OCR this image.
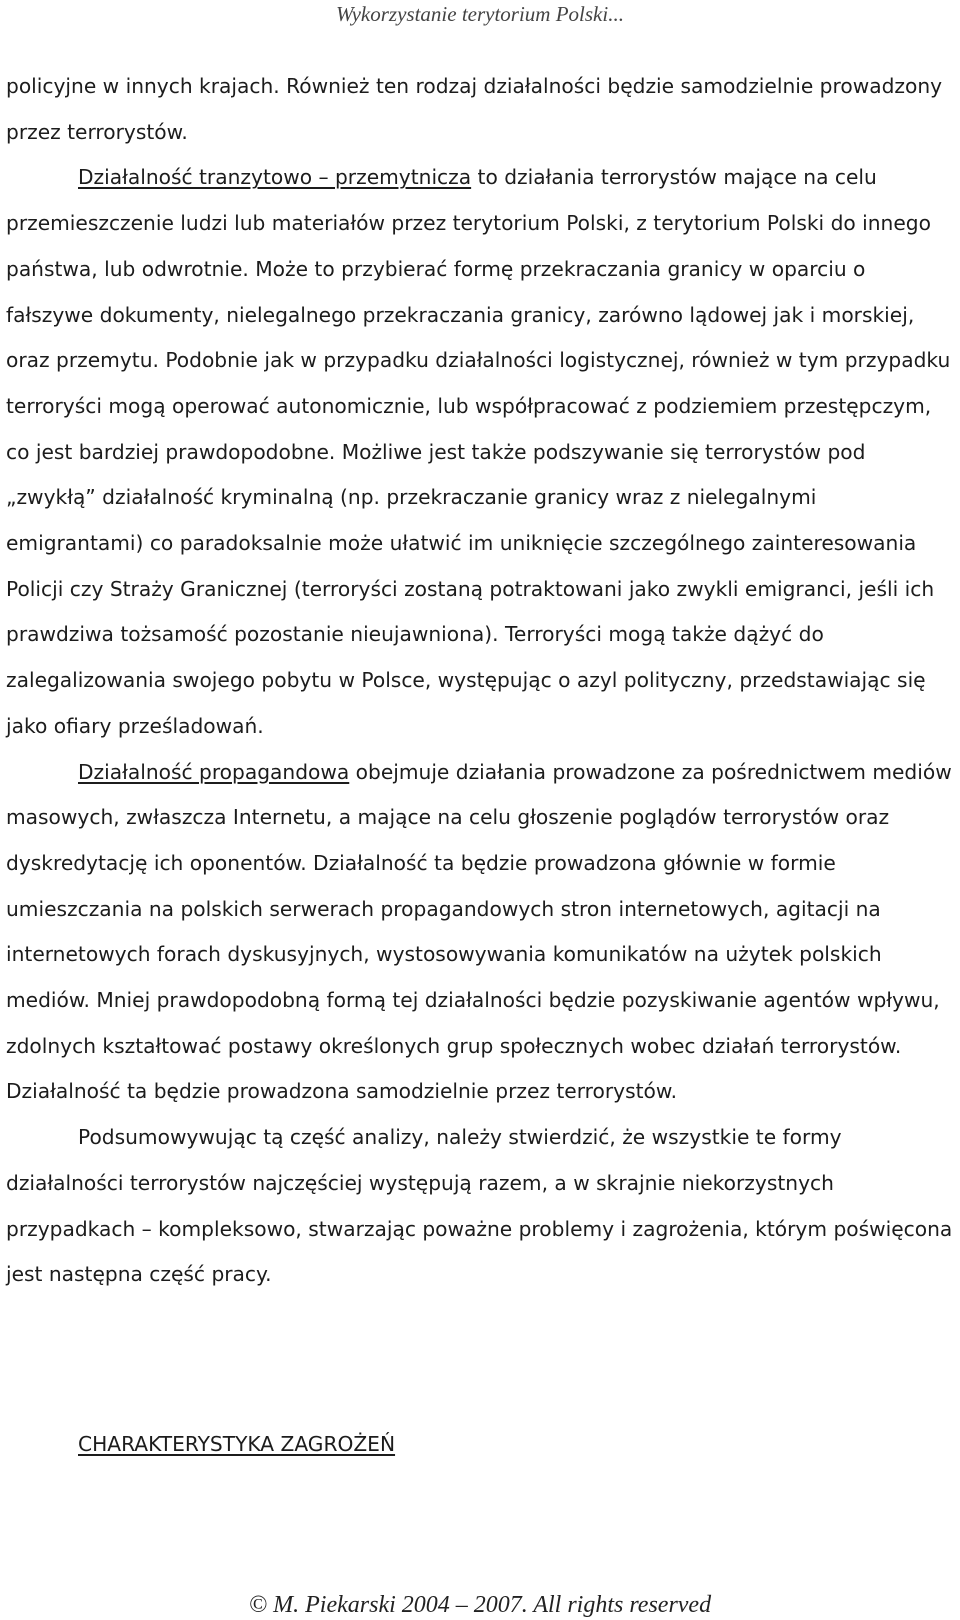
Wykorzystanie terytorium Polski...

policyjne w innych krajach. Również ten rodzaj działalności będzie samodzielnie prowadzony przez terrorystów.

Działalność tranzytowo – przemytnicza to działania terrorystów mające na celu przemieszczenie ludzi lub materiałów przez terytorium Polski, z terytorium Polski do innego państwa, lub odwrotnie. Może to przybierać formę przekraczania granicy w oparciu o fałszywe dokumenty, nielegalnego przekraczania granicy, zarówno lądowej jak i morskiej, oraz przemytu. Podobnie jak w przypadku działalności logistycznej, również w tym przypadku terroryści mogą operować autonomicznie, lub współpracować z podziemiem przestępczym, co jest bardziej prawdopodobne. Możliwe jest także podszywanie się terrorystów pod „zwykłą” działalność kryminalną (np. przekraczanie granicy wraz z nielegalnymi emigrantami) co paradoksalnie może ułatwić im uniknięcie szczególnego zainteresowania Policji czy Straży Granicznej (terroryści zostaną potraktowani jako zwykli emigranci, jeśli ich prawdziwa tożsamość pozostanie nieujawniona). Terroryści mogą także dążyć do zalegalizowania swojego pobytu w Polsce, występując o azyl polityczny, przedstawiając się jako ofiary prześladowań.

Działalność propagandowa obejmuje działania prowadzone za pośrednictwem mediów masowych, zwłaszcza Internetu, a mające na celu głoszenie poglądów terrorystów oraz dyskredytację ich oponentów. Działalność ta będzie prowadzona głównie w formie umieszczania na polskich serwerach propagandowych stron internetowych, agitacji na internetowych forach dyskusyjnych, wystosowywania komunikatów na użytek polskich mediów. Mniej prawdopodobną formą tej działalności będzie pozyskiwanie agentów wpływu, zdolnych kształtować postawy określonych grup społecznych wobec działań terrorystów. Działalność ta będzie prowadzona samodzielnie przez terrorystów.

Podsumowywując tą część analizy, należy stwierdzić, że wszystkie te formy działalności terrorystów najczęściej występują razem, a w skrajnie niekorzystnych przypadkach – kompleksowo, stwarzając poważne problemy i zagrożenia, którym poświęcona jest następna część pracy.

CHARAKTERYSTYKA ZAGROŻEŃ
© M. Piekarski 2004 – 2007. All rights reserved
